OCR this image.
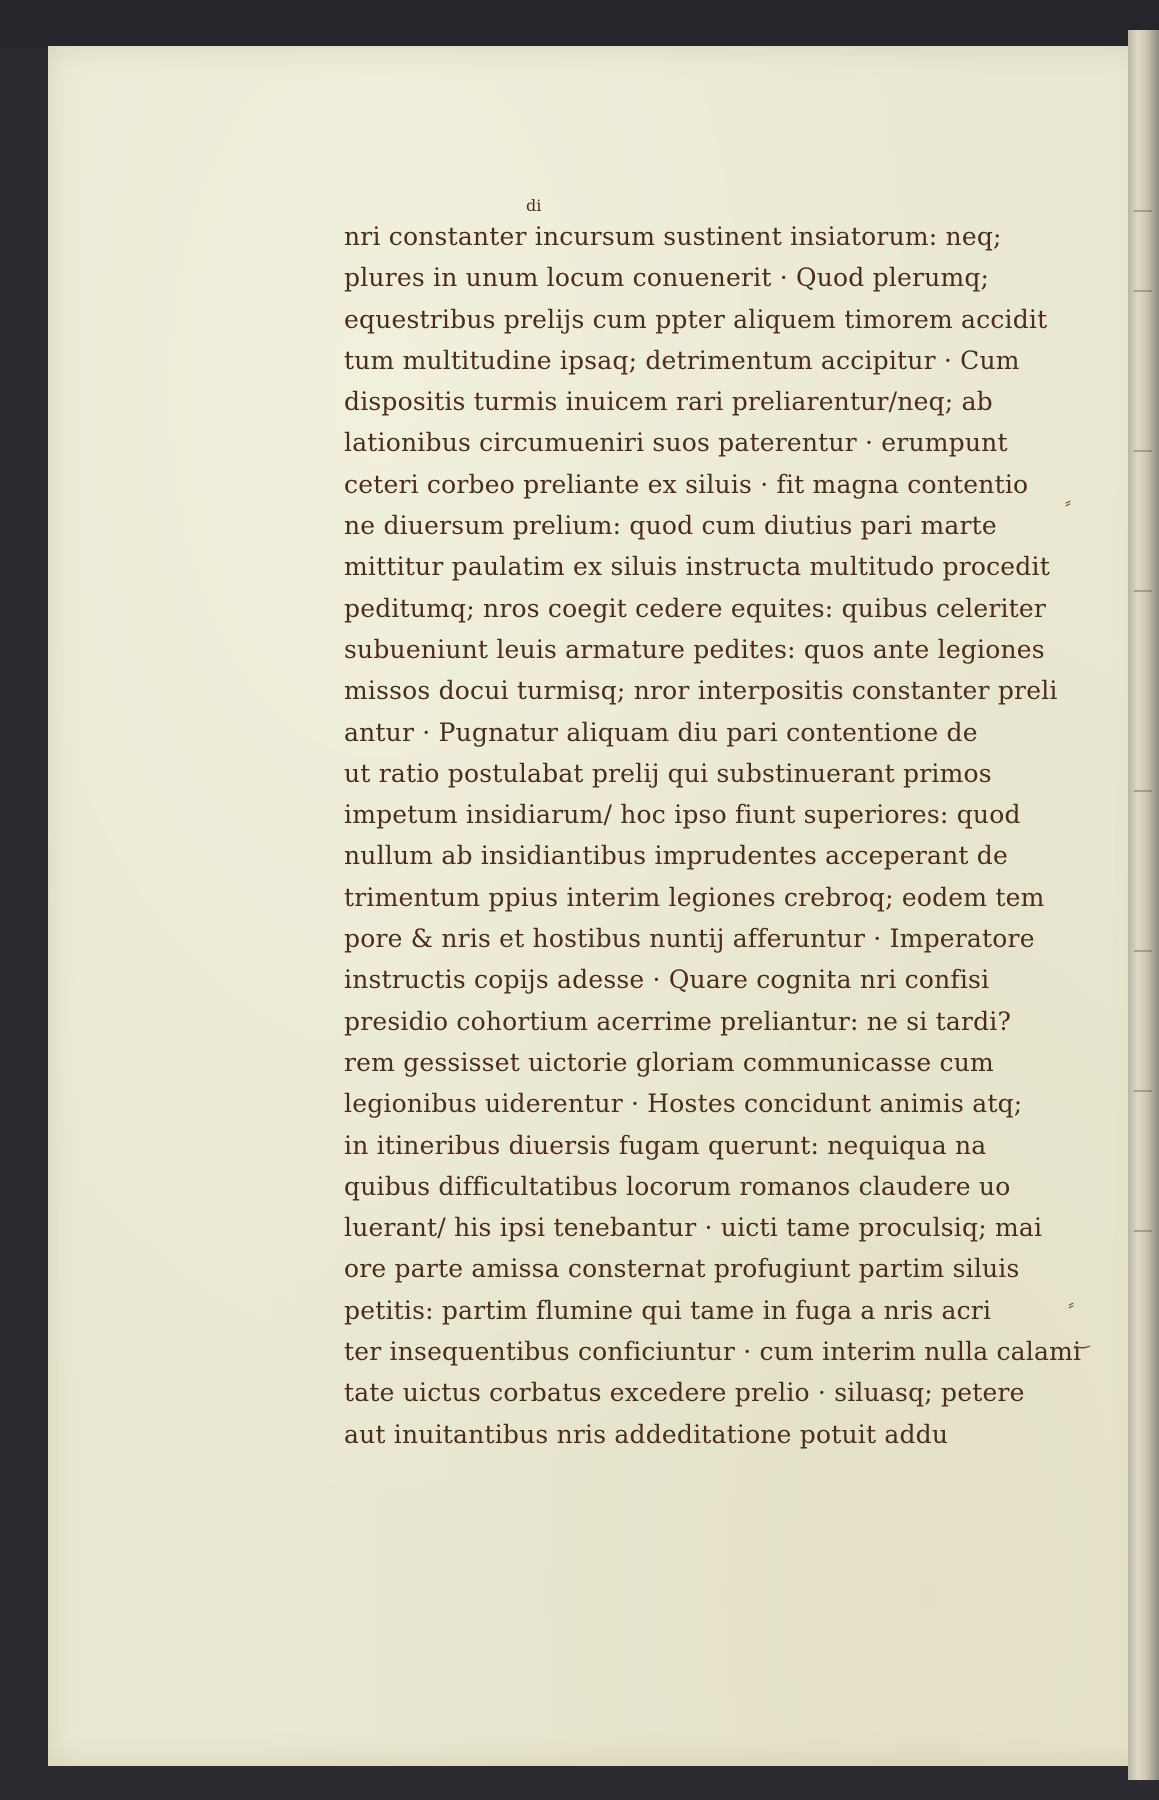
di
nri constanter incursum sustinent insiatorum: neq;
plures in unum locum conuenerit · Quod plerumq;
equestribus prelijs cum ppter aliquem timorem accidit
tum multitudine ipsaq; detrimentum accipitur · Cum
dispositis turmis inuicem rari preliarentur/neq; ab
lationibus circumueniri suos paterentur · erumpunt
ceteri corbeo preliante ex siluis · fit magna contentio
ne diuersum prelium: quod cum diutius pari marte
mittitur paulatim ex siluis instructa multitudo procedit
peditumq; nros coegit cedere equites: quibus celeriter
subueniunt leuis armature pedites: quos ante legiones
missos docui turmisq; nror interpositis constanter preli
antur · Pugnatur aliquam diu pari contentione de
ut ratio postulabat prelij qui substinuerant primos
impetum insidiarum/ hoc ipso fiunt superiores: quod
nullum ab insidiantibus imprudentes acceperant de
trimentum ppius interim legiones crebroq; eodem tem
pore & nris et hostibus nuntij afferuntur · Imperatore
instructis copijs adesse · Quare cognita nri confisi
presidio cohortium acerrime preliantur: ne si tardi?
rem gessisset uictorie gloriam communicasse cum
legionibus uiderentur · Hostes concidunt animis atq;
in itineribus diuersis fugam querunt: nequiqua na
quibus difficultatibus locorum romanos claudere uo
luerant/ his ipsi tenebantur · uicti tame proculsiq; mai
ore parte amissa consternat profugiunt partim siluis
petitis: partim flumine qui tame in fuga a nris acri
ter insequentibus conficiuntur · cum interim nulla calami
tate uictus corbatus excedere prelio · siluasq; petere
aut inuitantibus nris addeditatione potuit addu
⸗
⸗
‿
